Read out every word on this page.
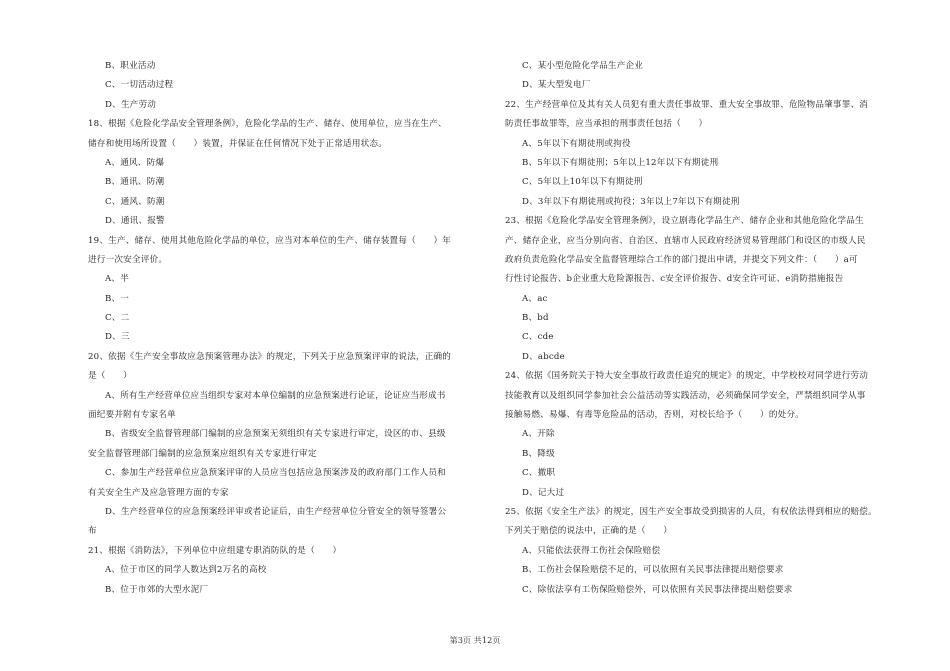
B、职业活动
C、一切活动过程
D、生产劳动
18、根据《危险化学品安全管理条例》，危险化学品的生产、储存、使用单位，应当在生产、
储存和使用场所设置（　　）装置，并保证在任何情况下处于正常适用状态。
A、通风、防爆
B、通讯、防潮
C、通风、防潮
D、通讯、报警
19、生产、储存、使用其他危险化学品的单位，应当对本单位的生产、储存装置每（　　）年
进行一次安全评价。
A、半
B、一
C、二
D、三
20、依据《生产安全事故应急预案管理办法》的规定，下列关于应急预案评审的说法，正确的
是（　　）
A、所有生产经营单位应当组织专家对本单位编制的应急预案进行论证，论证应当形成书
面纪要并附有专家名单
B、省级安全监督管理部门编制的应急预案无须组织有关专家进行审定，设区的市、县级
安全监督管理部门编制的应急预案应组织有关专家进行审定
C、参加生产经营单位应急预案评审的人员应当包括应急预案涉及的政府部门工作人员和
有关安全生产及应急管理方面的专家
D、生产经营单位的应急预案经评审或者论证后，由生产经营单位分管安全的领导签署公
布
21、根据《消防法》，下列单位中应组建专职消防队的是（　　）
A、位于市区的同学人数达到2万名的高校
B、位于市郊的大型水泥厂
C、某小型危险化学品生产企业
D、某大型发电厂
22、生产经营单位及其有关人员犯有重大责任事故罪、重大安全事故罪、危险物品肇事罪、消
防责任事故罪等，应当承担的刑事责任包括（　　）
A、5年以下有期徒刑或拘役
B、5年以下有期徒刑；5年以上12年以下有期徒刑
C、5年以上10年以下有期徒刑
D、3年以下有期徒刑或拘役；3年以上7年以下有期徒刑
23、根据《危险化学品安全管理条例》，设立剧毒化学品生产、储存企业和其他危险化学品生
产、储存企业，应当分别向省、自治区、直辖市人民政府经济贸易管理部门和设区的市级人民
政府负责危险化学品安全监督管理综合工作的部门提出申请，并提交下列文件：（　　）a可
行性讨论报告、b企业重大危险源报告、c安全评价报告、d安全许可证、e消防措施报告
A、ac
B、bd
C、cde
D、abcde
24、依据《国务院关于特大安全事故行政责任追究的规定》的规定，中学校校对同学进行劳动
技能教育以及组织同学参加社会公益活动等实践活动，必须确保同学安全，严禁组织同学从事
接触易燃、易爆、有毒等危险品的活动，否则，对校长给予（　　）的处分。
A、开除
B、降级
C、撤职
D、记大过
25、依据《安全生产法》的规定，因生产安全事故受到损害的人员，有权依法得到相应的赔偿。
下列关于赔偿的说法中，正确的是（　　）
A、只能依法获得工伤社会保险赔偿
B、工伤社会保险赔偿不足的，可以依照有关民事法律提出赔偿要求
C、除依法享有工伤保险赔偿外，可以依照有关民事法律提出赔偿要求
第3页 共12页
